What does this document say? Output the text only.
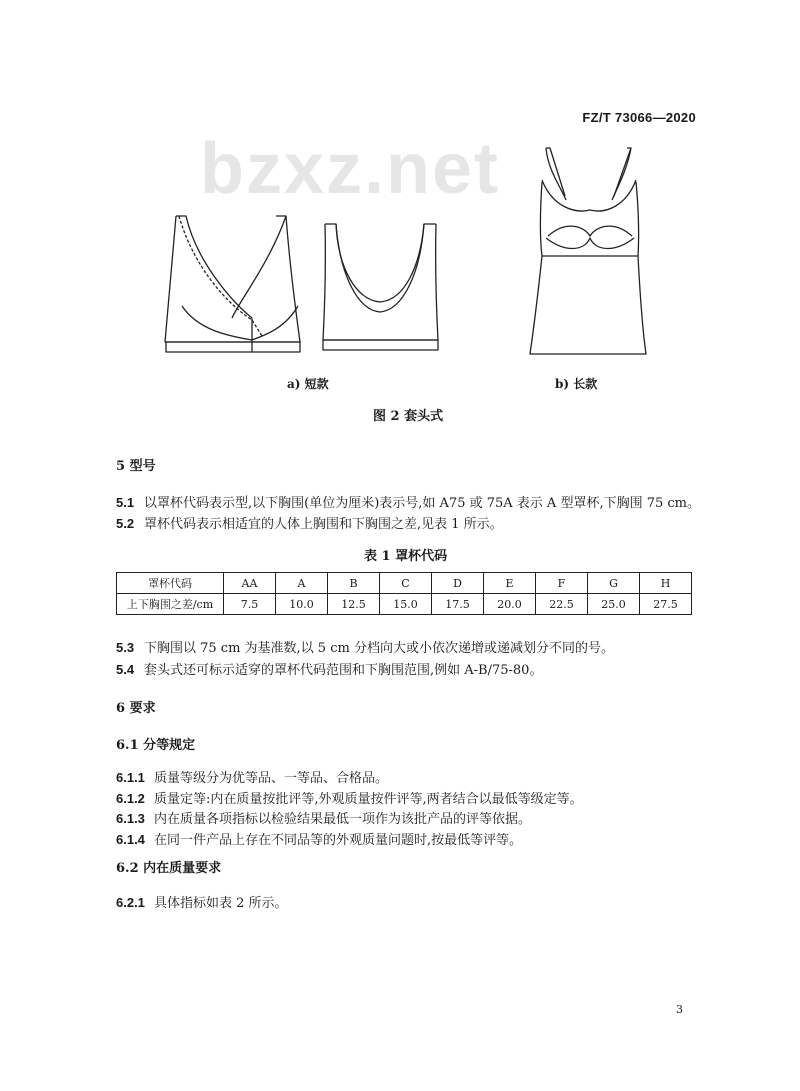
FZ/T 73066—2020
bzxz.net
a) 短款	b) 长款
图 2 套头式
5 型号
5.1 以罩杯代码表示型,以下胸围(单位为厘米)表示号,如 A75 或 75A 表示 A 型罩杯,下胸围 75 cm。
5.2 罩杯代码表示相适宜的人体上胸围和下胸围之差,见表 1 所示。
表 1 罩杯代码
罩杯代码	AA	A	B	C	D	E	F	G	H
上下胸围之差/cm	7.5	10.0	12.5	15.0	17.5	20.0	22.5	25.0	27.5
5.3 下胸围以 75 cm 为基准数,以 5 cm 分档向大或小依次递增或递减划分不同的号。
5.4 套头式还可标示适穿的罩杯代码范围和下胸围范围,例如 A-B/75-80。
6 要求
6.1 分等规定
6.1.1 质量等级分为优等品、一等品、合格品。
6.1.2 质量定等:内在质量按批评等,外观质量按件评等,两者结合以最低等级定等。
6.1.3 内在质量各项指标以检验结果最低一项作为该批产品的评等依据。
6.1.4 在同一件产品上存在不同品等的外观质量问题时,按最低等评等。
6.2 内在质量要求
6.2.1 具体指标如表 2 所示。
3
